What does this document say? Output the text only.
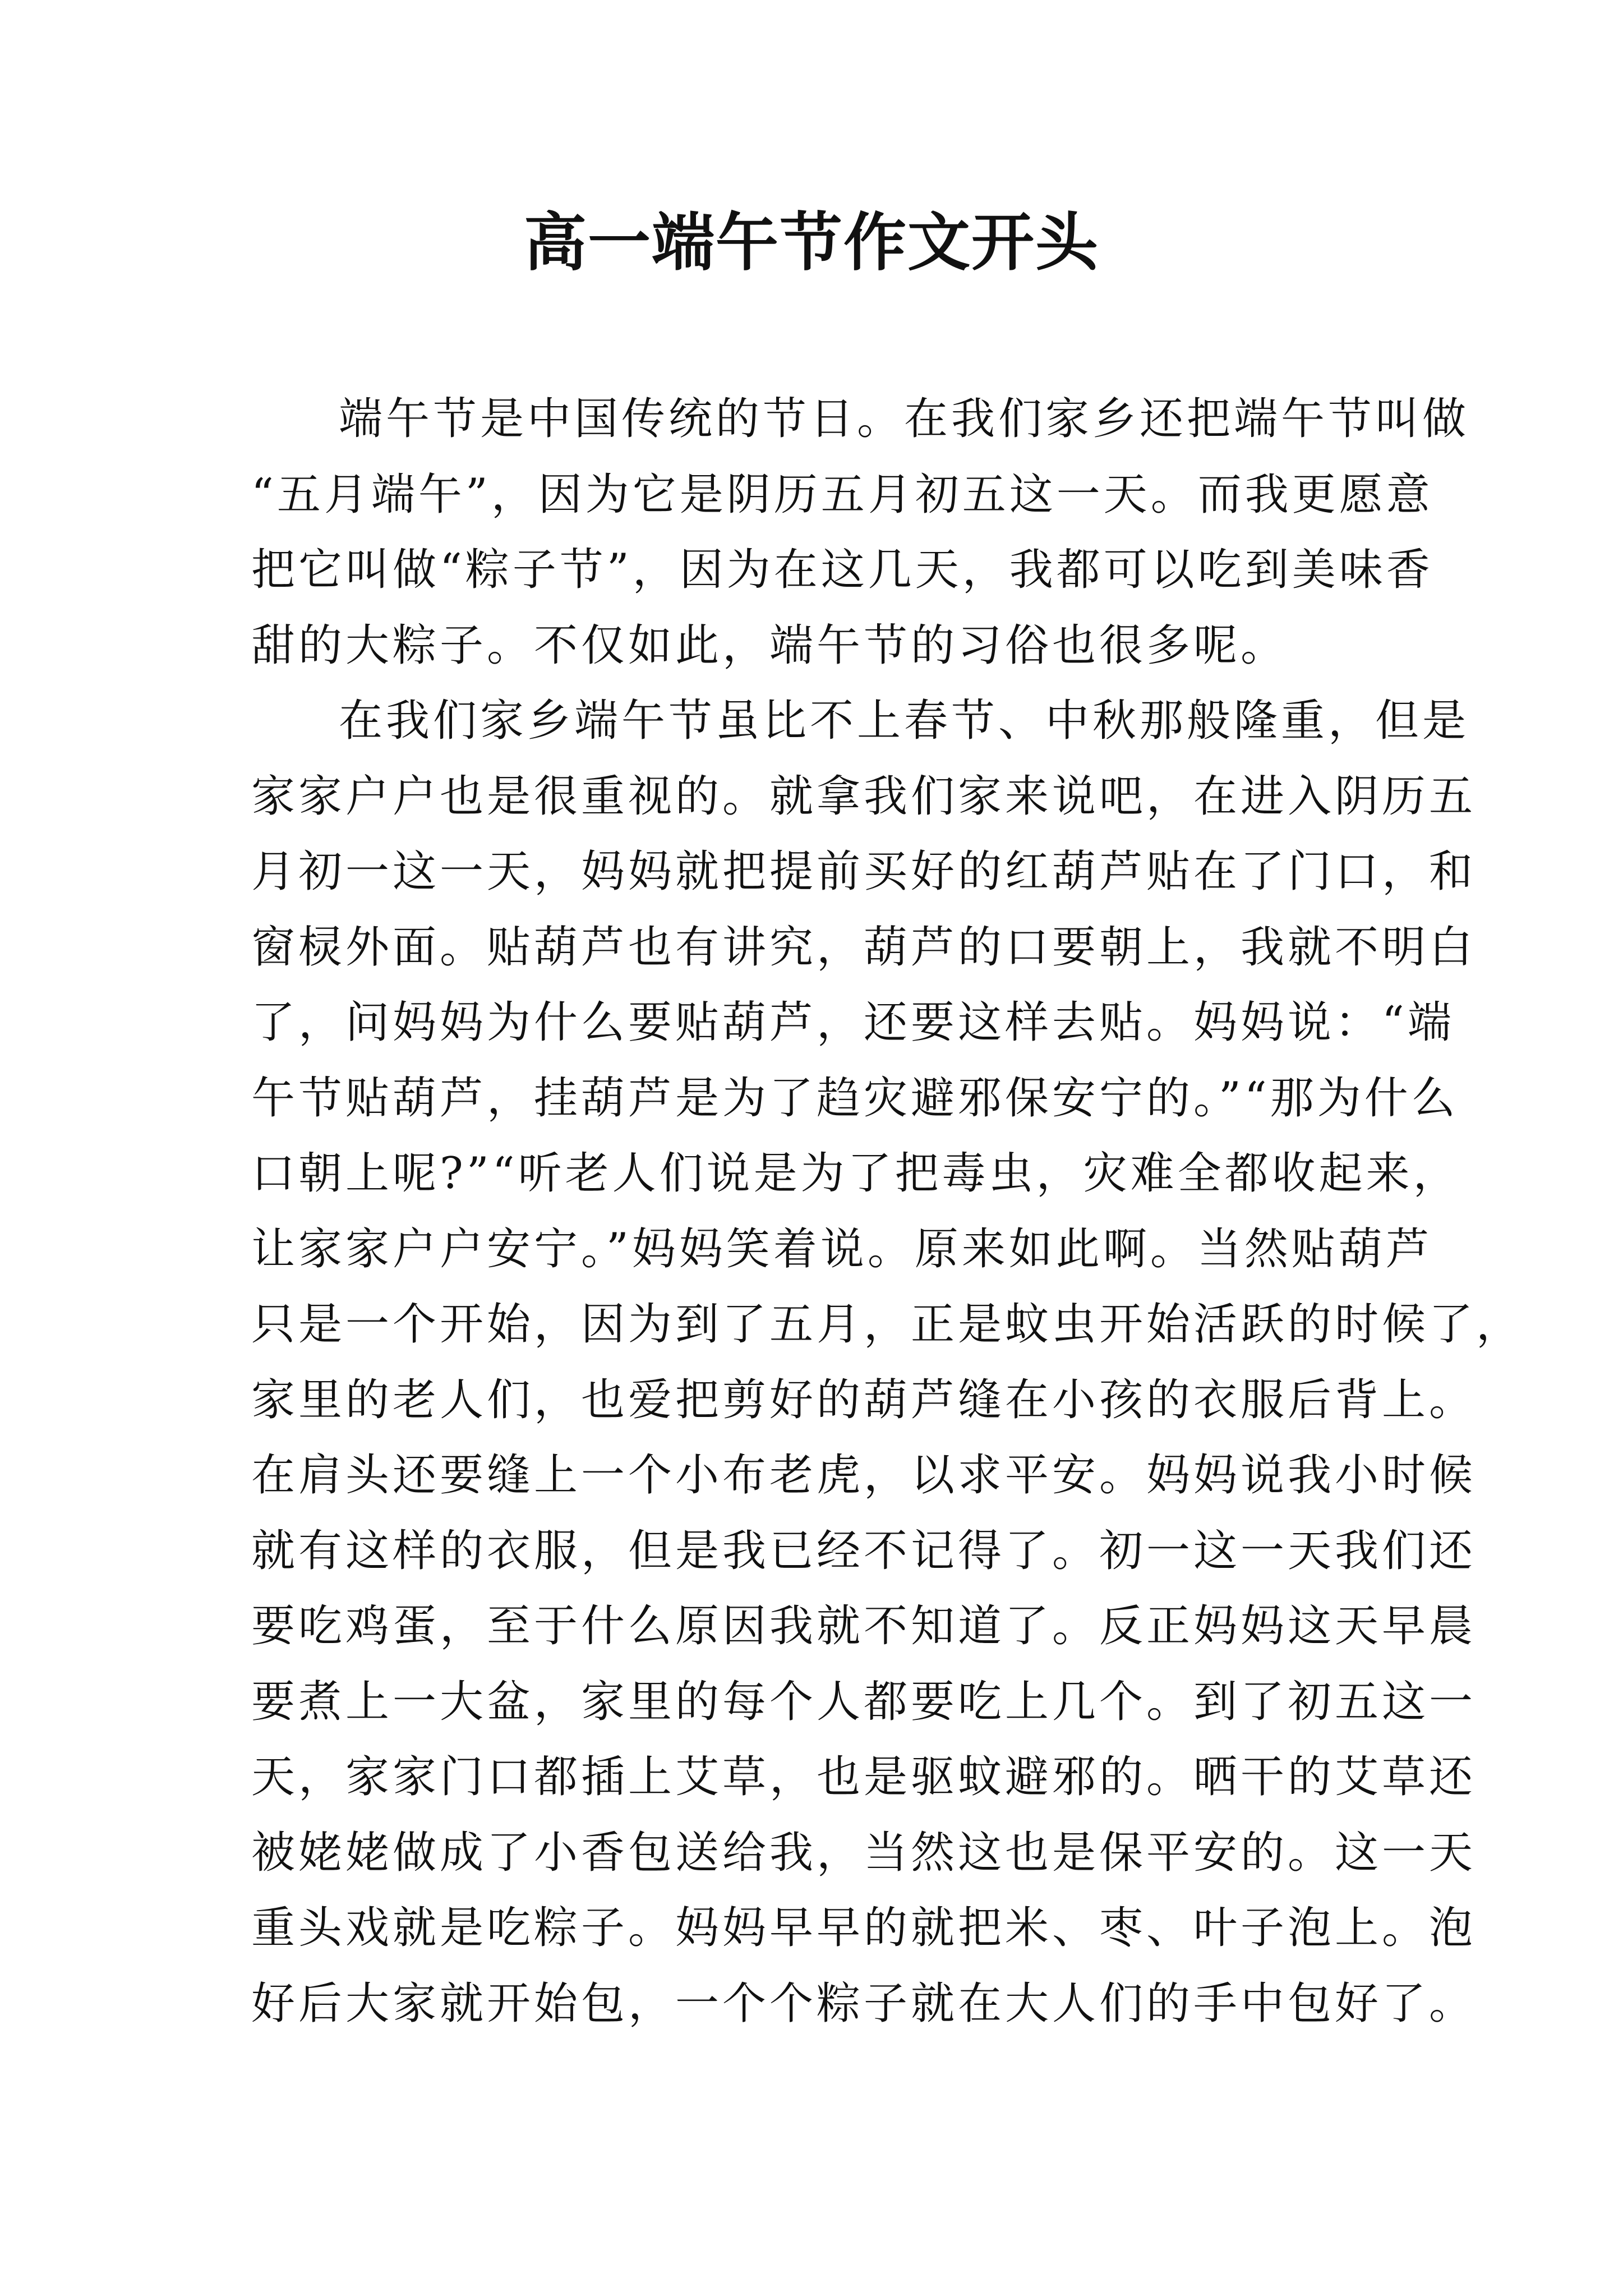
高一端午节作文开头
端午节是中国传统的节日。在我们家乡还把端午节叫做
“五月端午”，因为它是阴历五月初五这一天。而我更愿意
把它叫做“粽子节”，因为在这几天，我都可以吃到美味香
甜的大粽子。不仅如此，端午节的习俗也很多呢。
在我们家乡端午节虽比不上春节、中秋那般隆重，但是
家家户户也是很重视的。就拿我们家来说吧，在进入阴历五
月初一这一天，妈妈就把提前买好的红葫芦贴在了门口，和
窗棂外面。贴葫芦也有讲究，葫芦的口要朝上，我就不明白
了，问妈妈为什么要贴葫芦，还要这样去贴。妈妈说：“端
午节贴葫芦，挂葫芦是为了趋灾避邪保安宁的。”“那为什么
口朝上呢?”“听老人们说是为了把毒虫，灾难全都收起来，
让家家户户安宁。”妈妈笑着说。原来如此啊。当然贴葫芦
只是一个开始，因为到了五月，正是蚊虫开始活跃的时候了，
家里的老人们，也爱把剪好的葫芦缝在小孩的衣服后背上。
在肩头还要缝上一个小布老虎，以求平安。妈妈说我小时候
就有这样的衣服，但是我已经不记得了。初一这一天我们还
要吃鸡蛋，至于什么原因我就不知道了。反正妈妈这天早晨
要煮上一大盆，家里的每个人都要吃上几个。到了初五这一
天，家家门口都插上艾草，也是驱蚊避邪的。晒干的艾草还
被姥姥做成了小香包送给我，当然这也是保平安的。这一天
重头戏就是吃粽子。妈妈早早的就把米、枣、叶子泡上。泡
好后大家就开始包，一个个粽子就在大人们的手中包好了。
